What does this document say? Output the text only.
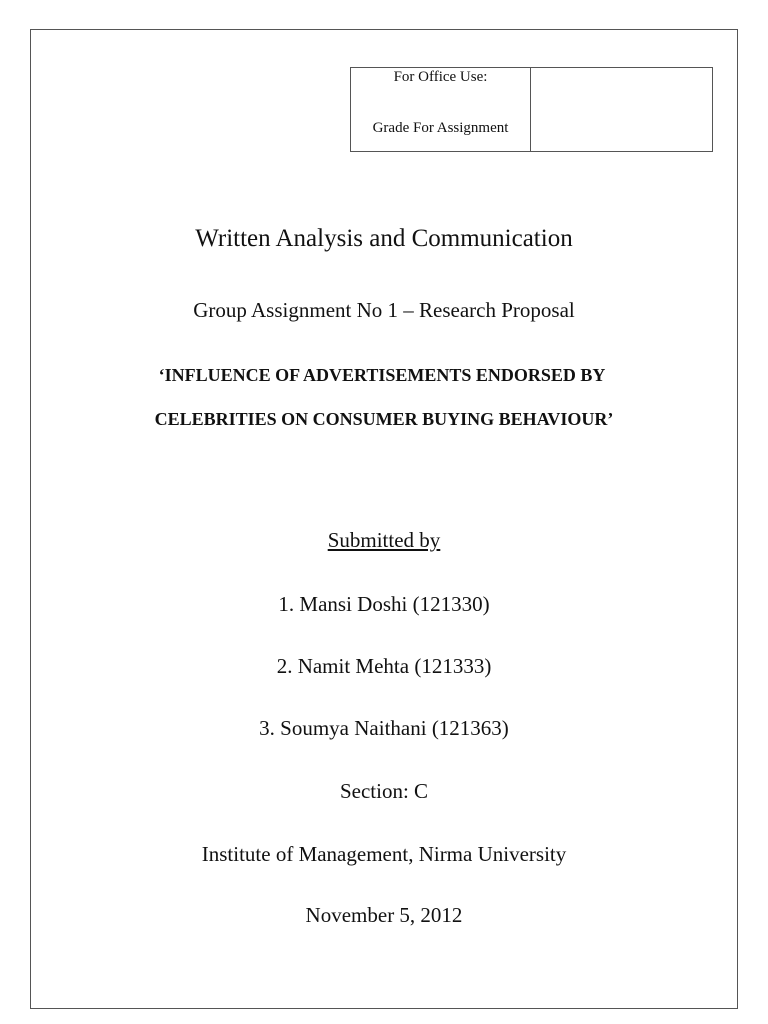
For Office Use:
Grade For Assignment
Written Analysis and Communication
Group Assignment No 1 – Research Proposal
‘INFLUENCE OF ADVERTISEMENTS ENDORSED BY
CELEBRITIES ON CONSUMER BUYING BEHAVIOUR’
Submitted by
1. Mansi Doshi (121330)
2. Namit Mehta (121333)
3. Soumya Naithani (121363)
Section: C
Institute of Management, Nirma University
November 5, 2012
